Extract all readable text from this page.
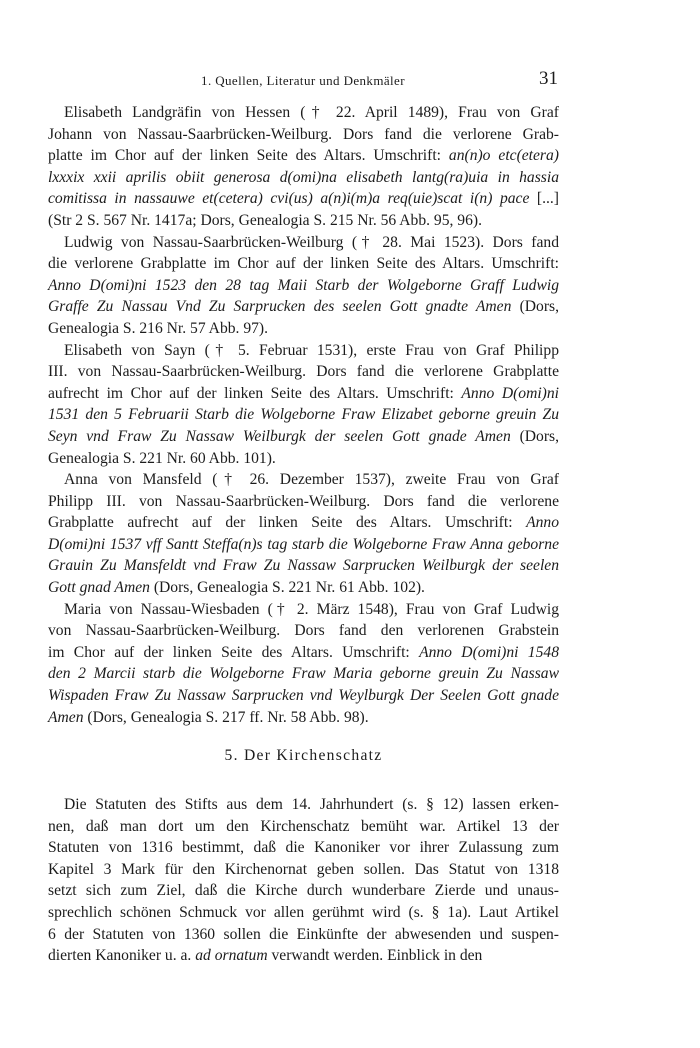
1. Quellen, Literatur und Denkmäler	31
Elisabeth Landgräfin von Hessen († 22. April 1489), Frau von Graf
Johann von Nassau-Saarbrücken-Weilburg. Dors fand die verlorene Grab-
platte im Chor auf der linken Seite des Altars. Umschrift: an(n)o etc(etera)
lxxxix xxii aprilis obiit generosa d(omi)na elisabeth lantg(ra)uia in hassia
comitissa in nassauwe et(cetera) cvi(us) a(n)i(m)a req(uie)scat i(n) pace [...]
(Str 2 S. 567 Nr. 1417a; Dors, Genealogia S. 215 Nr. 56 Abb. 95, 96).
Ludwig von Nassau-Saarbrücken-Weilburg († 28. Mai 1523). Dors fand
die verlorene Grabplatte im Chor auf der linken Seite des Altars. Umschrift:
Anno D(omi)ni 1523 den 28 tag Maii Starb der Wolgeborne Graff Ludwig
Graffe Zu Nassau Vnd Zu Sarprucken des seelen Gott gnadte Amen (Dors,
Genealogia S. 216 Nr. 57 Abb. 97).
Elisabeth von Sayn († 5. Februar 1531), erste Frau von Graf Philipp
III. von Nassau-Saarbrücken-Weilburg. Dors fand die verlorene Grabplatte
aufrecht im Chor auf der linken Seite des Altars. Umschrift: Anno D(omi)ni
1531 den 5 Februarii Starb die Wolgeborne Fraw Elizabet geborne greuin Zu
Seyn vnd Fraw Zu Nassaw Weilburgk der seelen Gott gnade Amen (Dors,
Genealogia S. 221 Nr. 60 Abb. 101).
Anna von Mansfeld († 26. Dezember 1537), zweite Frau von Graf
Philipp III. von Nassau-Saarbrücken-Weilburg. Dors fand die verlorene
Grabplatte aufrecht auf der linken Seite des Altars. Umschrift: Anno
D(omi)ni 1537 vff Santt Steffa(n)s tag starb die Wolgeborne Fraw Anna geborne
Grauin Zu Mansfeldt vnd Fraw Zu Nassaw Sarprucken Weilburgk der seelen
Gott gnad Amen (Dors, Genealogia S. 221 Nr. 61 Abb. 102).
Maria von Nassau-Wiesbaden († 2. März 1548), Frau von Graf Ludwig
von Nassau-Saarbrücken-Weilburg. Dors fand den verlorenen Grabstein
im Chor auf der linken Seite des Altars. Umschrift: Anno D(omi)ni 1548
den 2 Marcii starb die Wolgeborne Fraw Maria geborne greuin Zu Nassaw
Wispaden Fraw Zu Nassaw Sarprucken vnd Weylburgk Der Seelen Gott gnade
Amen (Dors, Genealogia S. 217 ff. Nr. 58 Abb. 98).
5. Der Kirchenschatz
Die Statuten des Stifts aus dem 14. Jahrhundert (s. § 12) lassen erken-
nen, daß man dort um den Kirchenschatz bemüht war. Artikel 13 der
Statuten von 1316 bestimmt, daß die Kanoniker vor ihrer Zulassung zum
Kapitel 3 Mark für den Kirchenornat geben sollen. Das Statut von 1318
setzt sich zum Ziel, daß die Kirche durch wunderbare Zierde und unaus-
sprechlich schönen Schmuck vor allen gerühmt wird (s. § 1a). Laut Artikel
6 der Statuten von 1360 sollen die Einkünfte der abwesenden und suspen-
dierten Kanoniker u. a. ad ornatum verwandt werden. Einblick in den
